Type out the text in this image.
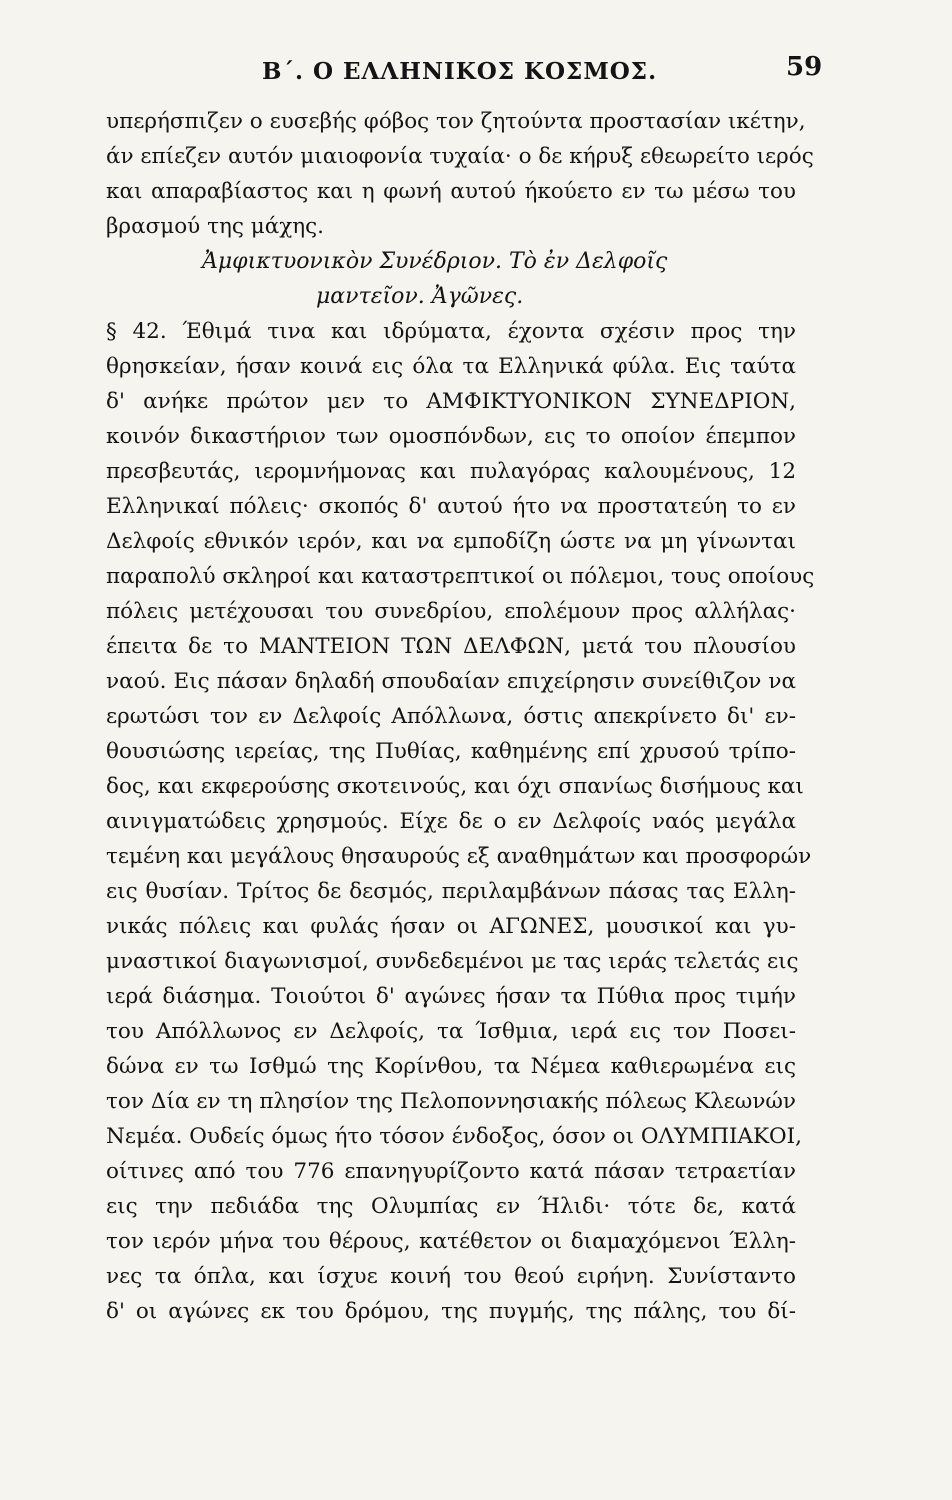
Β΄. Ο ΕΛΛΗΝΙΚΟΣ ΚΟΣΜΟΣ.	59
υπερήσπιζεν ο ευσεβής φόβος τον ζητούντα προστασίαν ικέτην,
άν επίεζεν αυτόν μιαιοφονία τυχαία· ο δε κήρυξ εθεωρείτο ιερός
και απαραβίαστος και η φωνή αυτού ήκούετο εν τω μέσω του
βρασμού της μάχης.
Ἀμφικτυονικὸν Συνέδριον. Τὸ ἐν Δελφοῖς
μαντεῖον. Ἀγῶνες.
§ 42. Έθιμά τινα και ιδρύματα, έχοντα σχέσιν προς την
θρησκείαν, ήσαν κοινά εις όλα τα Ελληνικά φύλα. Εις ταύτα
δ' ανήκε πρώτον μεν το ΑΜΦΙΚΤΥΟΝΙΚΟΝ ΣΥΝΕΔΡΙΟΝ,
κοινόν δικαστήριον των ομοσπόνδων, εις το οποίον έπεμπον
πρεσβευτάς, ιερομνήμονας και πυλαγόρας καλουμένους, 12
Ελληνικαί πόλεις· σκοπός δ' αυτού ήτο να προστατεύη το εν
Δελφοίς εθνικόν ιερόν, και να εμποδίζη ώστε να μη γίνωνται
παραπολύ σκληροί και καταστρεπτικοί οι πόλεμοι, τους οποίους
πόλεις μετέχουσαι του συνεδρίου, επολέμουν προς αλλήλας·
έπειτα δε το ΜΑΝΤΕΙΟΝ ΤΩΝ ΔΕΛΦΩΝ, μετά του πλουσίου
ναού. Εις πάσαν δηλαδή σπουδαίαν επιχείρησιν συνείθιζον να
ερωτώσι τον εν Δελφοίς Απόλλωνα, όστις απεκρίνετο δι' εν-
θουσιώσης ιερείας, της Πυθίας, καθημένης επί χρυσού τρίπο-
δος, και εκφερούσης σκοτεινούς, και όχι σπανίως δισήμους και
αινιγματώδεις χρησμούς. Είχε δε ο εν Δελφοίς ναός μεγάλα
τεμένη και μεγάλους θησαυρούς εξ αναθημάτων και προσφορών
εις θυσίαν. Τρίτος δε δεσμός, περιλαμβάνων πάσας τας Ελλη-
νικάς πόλεις και φυλάς ήσαν οι ΑΓΩΝΕΣ, μουσικοί και γυ-
μναστικοί διαγωνισμοί, συνδεδεμένοι με τας ιεράς τελετάς εις
ιερά διάσημα. Τοιούτοι δ' αγώνες ήσαν τα Πύθια προς τιμήν
του Απόλλωνος εν Δελφοίς, τα Ίσθμια, ιερά εις τον Ποσει-
δώνα εν τω Ισθμώ της Κορίνθου, τα Νέμεα καθιερωμένα εις
τον Δία εν τη πλησίον της Πελοποννησιακής πόλεως Κλεωνών
Νεμέα. Ουδείς όμως ήτο τόσον ένδοξος, όσον οι ΟΛΥΜΠΙΑΚΟΙ,
οίτινες από του 776 επανηγυρίζοντο κατά πάσαν τετραετίαν
εις την πεδιάδα της Ολυμπίας εν Ήλιδι· τότε δε, κατά
τον ιερόν μήνα του θέρους, κατέθετον οι διαμαχόμενοι Έλλη-
νες τα όπλα, και ίσχυε κοινή του θεού ειρήνη. Συνίσταντο
δ' οι αγώνες εκ του δρόμου, της πυγμής, της πάλης, του δί-
